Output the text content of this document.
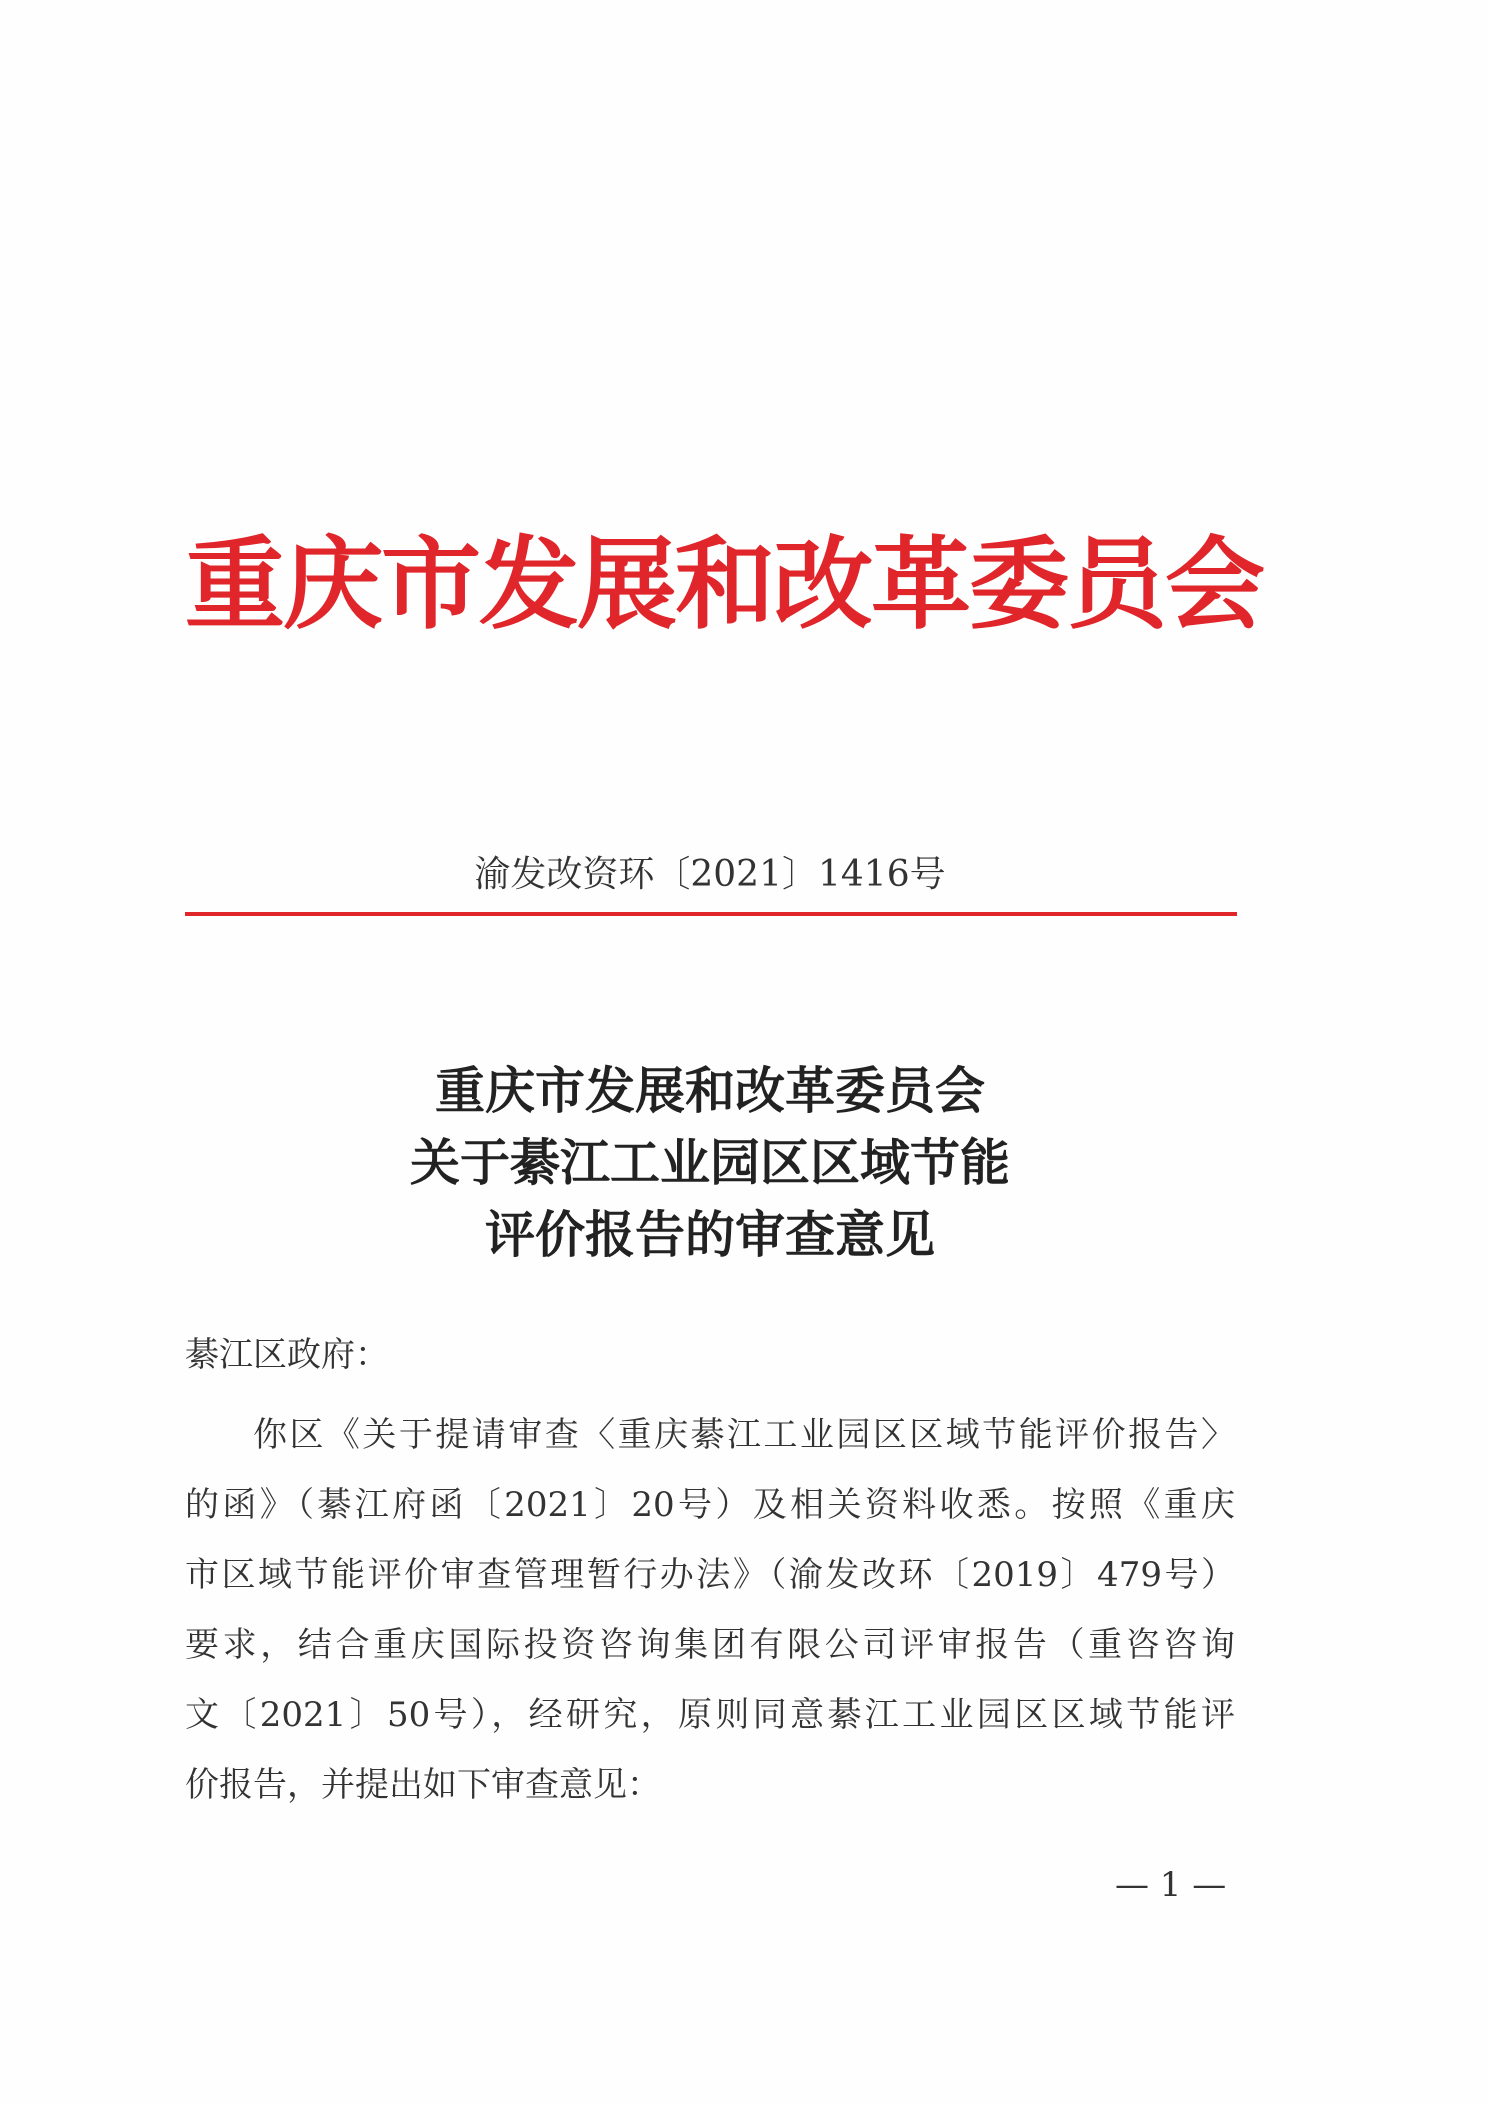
重庆市发展和改革委员会
渝发改资环〔2021〕1416号
重庆市发展和改革委员会
关于綦江工业园区区域节能
评价报告的审查意见
綦江区政府：
你区《关于提请审查〈重庆綦江工业园区区域节能评价报告〉
的函》（綦江府函〔2021〕20号）及相关资料收悉。按照《重庆
市区域节能评价审查管理暂行办法》（渝发改环〔2019〕479号）
要求，结合重庆国际投资咨询集团有限公司评审报告（重咨咨询
文〔2021〕50号），经研究，原则同意綦江工业园区区域节能评
价报告，并提出如下审查意见：
— 1 —
